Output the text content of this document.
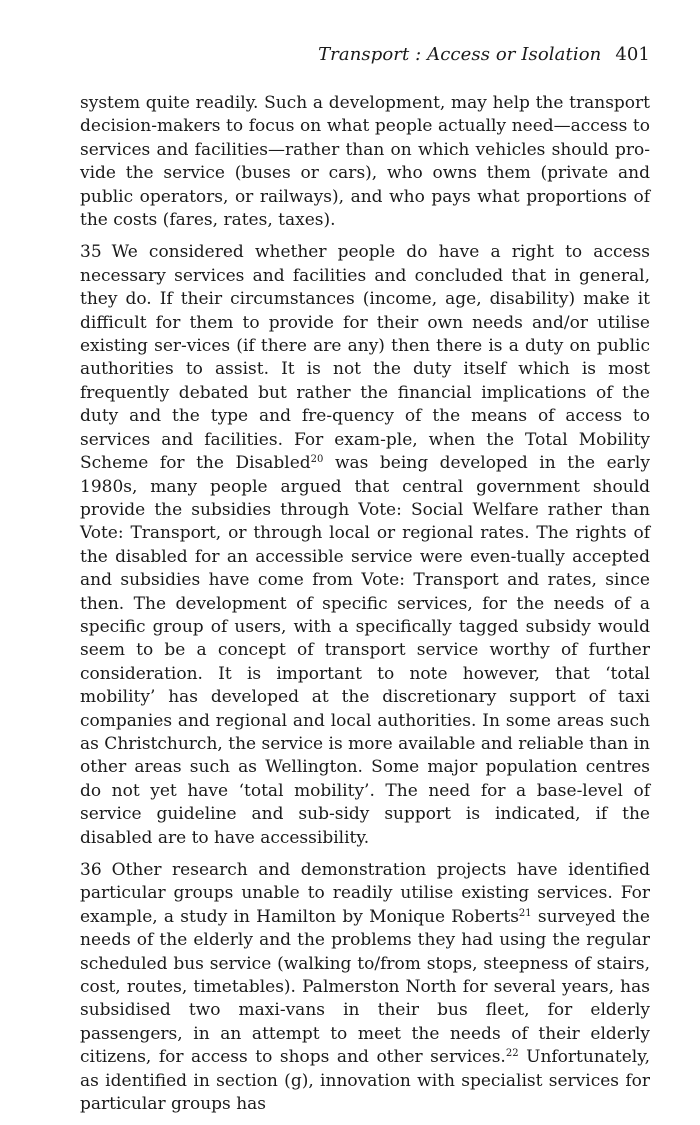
Transport : Access or Isolation 401

system quite readily. Such a development, may help the transport decision-makers to focus on what people actually need—access to services and facilities—rather than on which vehicles should pro-vide the service (buses or cars), who owns them (private and public operators, or railways), and who pays what proportions of the costs (fares, rates, taxes).

35 We considered whether people do have a right to access necessary services and facilities and concluded that in general, they do. If their circumstances (income, age, disability) make it difficult for them to provide for their own needs and/or utilise existing ser-vices (if there are any) then there is a duty on public authorities to assist. It is not the duty itself which is most frequently debated but rather the financial implications of the duty and the type and fre-quency of the means of access to services and facilities. For exam-ple, when the Total Mobility Scheme for the Disabled$^{20}$ was being developed in the early 1980s, many people argued that central government should provide the subsidies through Vote: Social Welfare rather than Vote: Transport, or through local or regional rates. The rights of the disabled for an accessible service were even-tually accepted and subsidies have come from Vote: Transport and rates, since then. The development of specific services, for the needs of a specific group of users, with a specifically tagged subsidy would seem to be a concept of transport service worthy of further consideration. It is important to note however, that ‘total mobility’ has developed at the discretionary support of taxi companies and regional and local authorities. In some areas such as Christchurch, the service is more available and reliable than in other areas such as Wellington. Some major population centres do not yet have ‘total mobility’. The need for a base-level of service guideline and sub-sidy support is indicated, if the disabled are to have accessibility.

36 Other research and demonstration projects have identified particular groups unable to readily utilise existing services. For example, a study in Hamilton by Monique Roberts$^{21}$ surveyed the needs of the elderly and the problems they had using the regular scheduled bus service (walking to/from stops, steepness of stairs, cost, routes, timetables). Palmerston North for several years, has subsidised two maxi-vans in their bus fleet, for elderly passengers, in an attempt to meet the needs of their elderly citizens, for access to shops and other services.$^{22}$ Unfortunately, as identified in section (g), innovation with specialist services for particular groups has
